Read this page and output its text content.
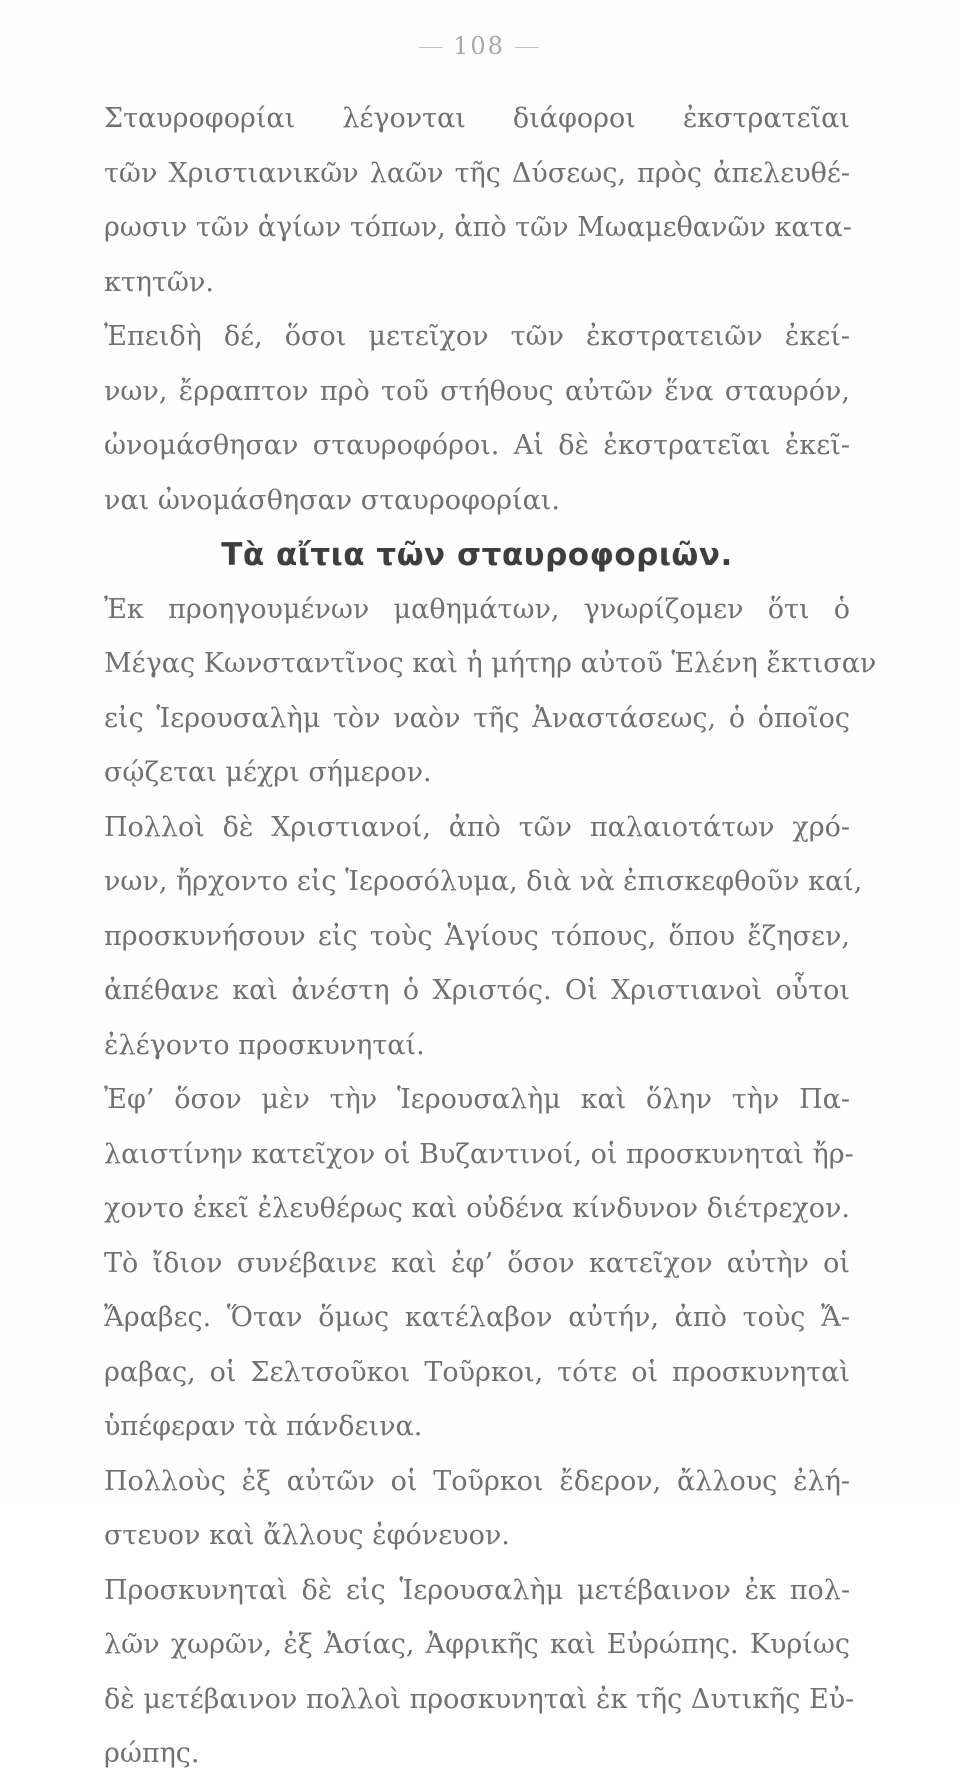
108
Σταυροφορίαι λέγονται διάφοροι ἐκστρατεῖαι
τῶν Χριστιανικῶν λαῶν τῆς Δύσεως, πρὸς ἀπελευθέ-
ρωσιν τῶν ἁγίων τόπων, ἀπὸ τῶν Μωαμεθανῶν κατα-
κτητῶν.
Ἐπειδὴ δέ, ὅσοι μετεῖχον τῶν ἐκστρατειῶν ἐκεί-
νων, ἔρραπτον πρὸ τοῦ στήθους αὐτῶν ἕνα σταυρόν,
ὠνομάσθησαν σταυροφόροι. Αἱ δὲ ἐκστρατεῖαι ἐκεῖ-
ναι ὠνομάσθησαν σταυροφορίαι.
Τὰ αἴτια τῶν σταυροφοριῶν.
Ἐκ προηγουμένων μαθημάτων, γνωρίζομεν ὅτι ὁ
Μέγας Κωνσταντῖνος καὶ ἡ μήτηρ αὐτοῦ Ἑλένη ἔκτισαν
εἰς Ἱερουσαλὴμ τὸν ναὸν τῆς Ἀναστάσεως, ὁ ὁποῖος
σῴζεται μέχρι σήμερον.
Πολλοὶ δὲ Χριστιανοί, ἀπὸ τῶν παλαιοτάτων χρό-
νων, ἤρχοντο εἰς Ἱεροσόλυμα, διὰ νὰ ἐπισκεφθοῦν καί,
προσκυνήσουν εἰς τοὺς Ἁγίους τόπους, ὅπου ἔζησεν,
ἀπέθανε καὶ ἀνέστη ὁ Χριστός. Οἱ Χριστιανοὶ οὗτοι
ἐλέγοντο προσκυνηταί.
Ἐφ’ ὅσον μὲν τὴν Ἱερουσαλὴμ καὶ ὅλην τὴν Πα-
λαιστίνην κατεῖχον οἱ Βυζαντινοί, οἱ προσκυνηταὶ ἤρ-
χοντο ἐκεῖ ἐλευθέρως καὶ οὐδένα κίνδυνον διέτρεχον.
Τὸ ἴδιον συνέβαινε καὶ ἐφ’ ὅσον κατεῖχον αὐτὴν οἱ
Ἄραβες. Ὅταν ὅμως κατέλαβον αὐτήν, ἀπὸ τοὺς Ἄ-
ραβας, οἱ Σελτσοῦκοι Τοῦρκοι, τότε οἱ προσκυνηταὶ
ὑπέφεραν τὰ πάνδεινα.
Πολλοὺς ἐξ αὐτῶν οἱ Τοῦρκοι ἔδερον, ἄλλους ἐλή-
στευον καὶ ἄλλους ἐφόνευον.
Προσκυνηταὶ δὲ εἰς Ἱερουσαλὴμ μετέβαινον ἐκ πολ-
λῶν χωρῶν, ἐξ Ἀσίας, Ἀφρικῆς καὶ Εὐρώπης. Κυρίως
δὲ μετέβαινον πολλοὶ προσκυνηταὶ ἐκ τῆς Δυτικῆς Εὐ-
ρώπης.
